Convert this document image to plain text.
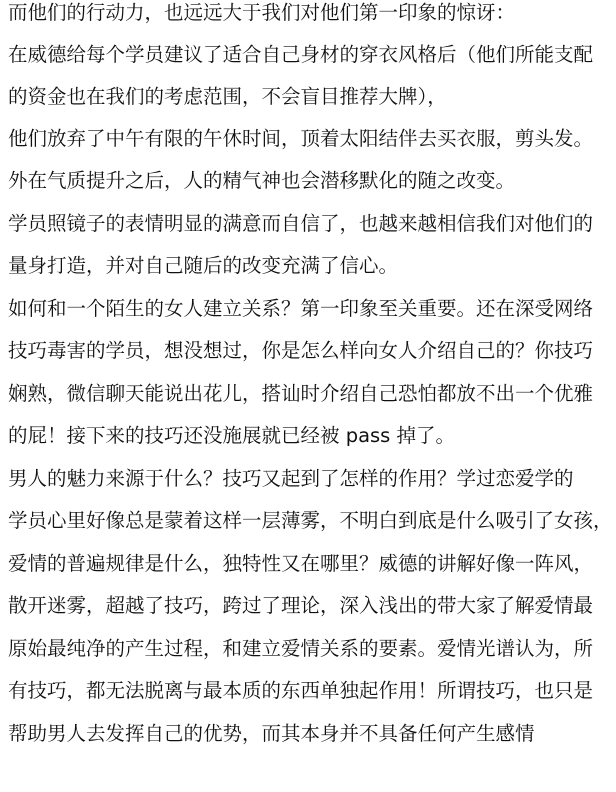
而他们的行动力，也远远大于我们对他们第一印象的惊讶：
在威德给每个学员建议了适合自己身材的穿衣风格后（他们所能支配
的资金也在我们的考虑范围，不会盲目推荐大牌），
他们放弃了中午有限的午休时间，顶着太阳结伴去买衣服，剪头发。
外在气质提升之后，人的精气神也会潜移默化的随之改变。
学员照镜子的表情明显的满意而自信了，也越来越相信我们对他们的
量身打造，并对自己随后的改变充满了信心。
如何和一个陌生的女人建立关系？第一印象至关重要。还在深受网络
技巧毒害的学员，想没想过，你是怎么样向女人介绍自己的？你技巧
娴熟，微信聊天能说出花儿，搭讪时介绍自己恐怕都放不出一个优雅
的屁！接下来的技巧还没施展就已经被 pass 掉了。
男人的魅力来源于什么？技巧又起到了怎样的作用？学过恋爱学的
学员心里好像总是蒙着这样一层薄雾，不明白到底是什么吸引了女孩，
爱情的普遍规律是什么，独特性又在哪里？威德的讲解好像一阵风，
散开迷雾，超越了技巧，跨过了理论，深入浅出的带大家了解爱情最
原始最纯净的产生过程，和建立爱情关系的要素。爱情光谱认为，所
有技巧，都无法脱离与最本质的东西单独起作用！所谓技巧，也只是
帮助男人去发挥自己的优势，而其本身并不具备任何产生感情
